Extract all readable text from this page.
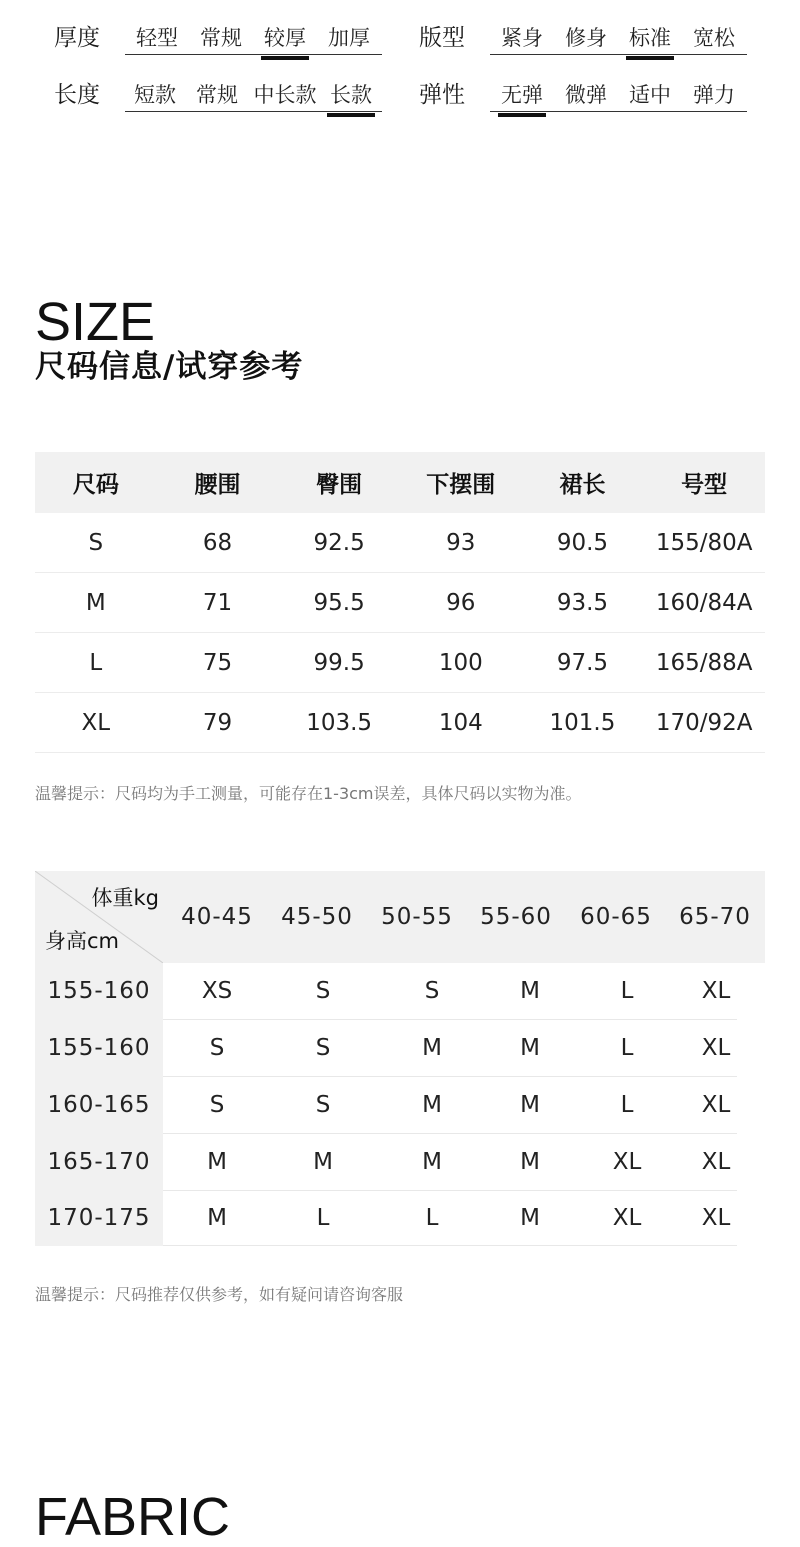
厚度 轻型 常规 较厚 加厚 版型 紧身 修身 标准 宽松
长度 短款 常规 中长款 长款 弹性 无弹 微弹 适中 弹力
SIZE
尺码信息/试穿参考
尺码	腰围	臀围	下摆围	裙长	号型
S	68	92.5	93	90.5	155/80A
M	71	95.5	96	93.5	160/84A
L	75	99.5	100	97.5	165/88A
XL	79	103.5	104	101.5	170/92A
温馨提示：尺码均为手工测量，可能存在1-3cm误差，具体尺码以实物为准。
体重kg
身高cm
40-45	45-50	50-55	55-60	60-65	65-70
155-160	XS	S	S	M	L	XL
155-160	S	S	M	M	L	XL
160-165	S	S	M	M	L	XL
165-170	M	M	M	M	XL	XL
170-175	M	L	L	M	XL	XL
温馨提示：尺码推荐仅供参考，如有疑问请咨询客服
FABRIC
